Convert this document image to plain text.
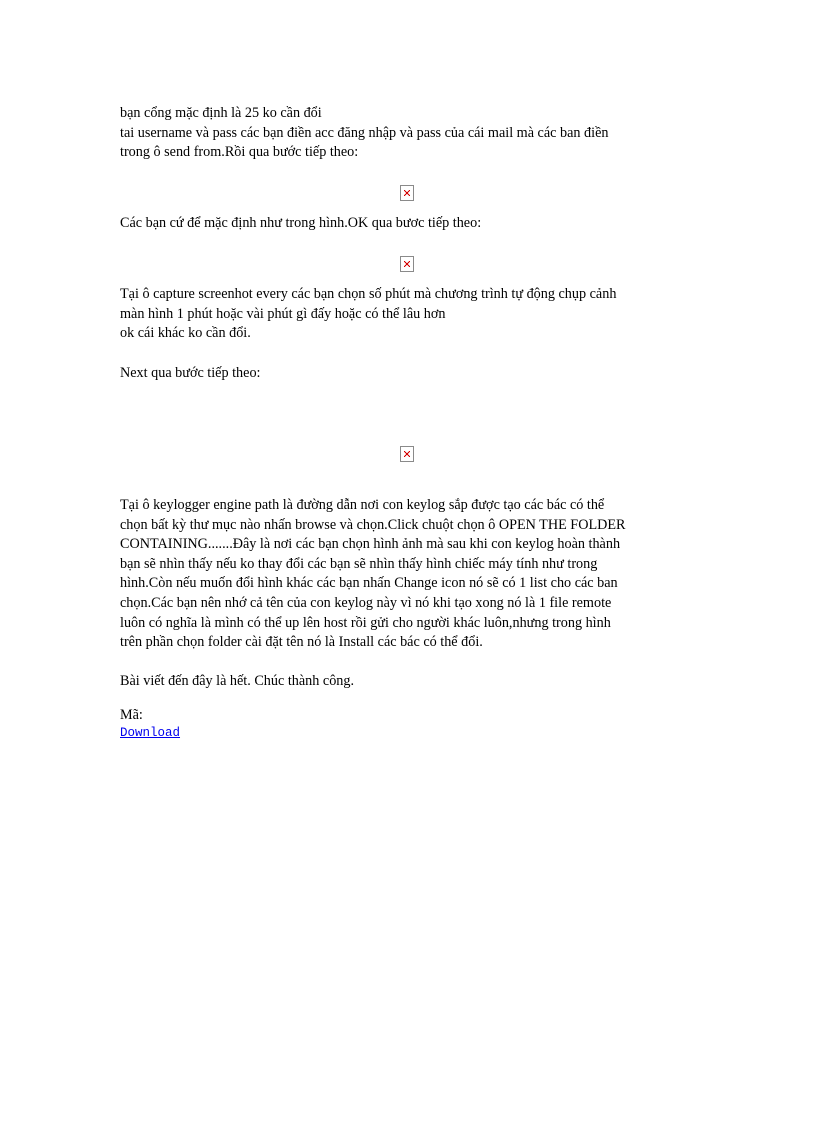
bạn cổng mặc định là 25 ko cần đổi
tai username và pass các bạn điền acc đăng nhập và pass của cái mail mà các ban điền
trong ô send from.Rồi qua bước tiếp theo:

Các bạn cứ để mặc định như trong hình.OK qua bươc tiếp theo:

Tại ô capture screenhot every các bạn chọn số phút mà chương trình tự động chụp cảnh
màn hình 1 phút hoặc vài phút gì đấy hoặc có thể lâu hơn
ok cái khác ko cần đổi.

Next qua bước tiếp theo:

Tại ô keylogger engine path là đường dẫn nơi con keylog sắp được tạo các bác có thể
chọn bất kỳ thư mục nào nhấn browse và chọn.Click chuột chọn ô OPEN THE FOLDER
CONTAINING.......Đây là nơi các bạn chọn hình ảnh mà sau khi con keylog hoàn thành
bạn sẽ nhìn thấy nếu ko thay đổi các bạn sẽ nhìn thấy hình chiếc máy tính như trong
hình.Còn nếu muốn đổi hình khác các bạn nhấn Change icon nó sẽ có 1 list cho các ban
chọn.Các bạn nên nhớ cả tên của con keylog này vì nó khi tạo xong nó là 1 file remote
luôn có nghĩa là mình có thể up lên host rồi gửi cho người khác luôn,nhưng trong hình
trên phần chọn folder cài đặt tên nó là Install các bác có thể đổi.

Bài viết đến đây là hết. Chúc thành công.

Mã:

Download
